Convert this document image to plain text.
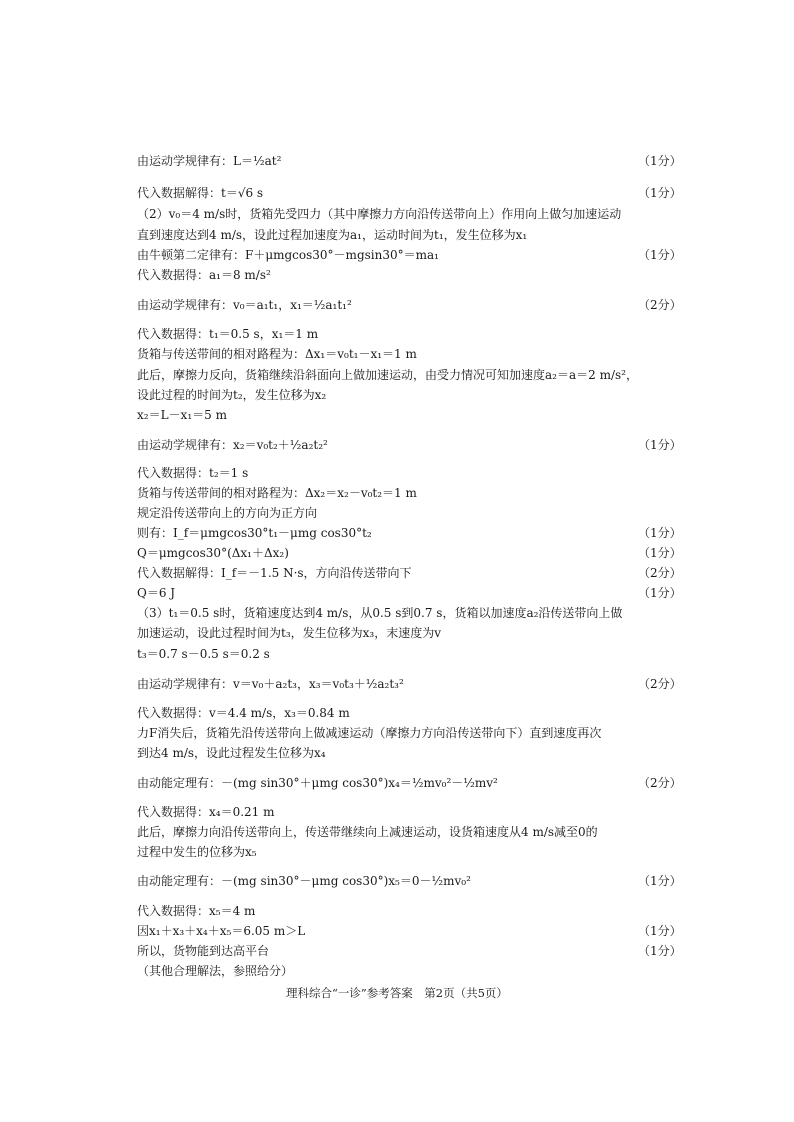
由运动学规律有：L＝½at²	（1分）
代入数据解得：t＝√6 s	（1分）
（2）v₀＝4 m/s时，货箱先受四力（其中摩擦力方向沿传送带向上）作用向上做匀加速运动
直到速度达到4 m/s，设此过程加速度为a₁，运动时间为t₁，发生位移为x₁
由牛顿第二定律有：F＋μmgcos30°－mgsin30°＝ma₁	（1分）
代入数据得：a₁＝8 m/s²
由运动学规律有：v₀＝a₁t₁，x₁＝½a₁t₁²	（2分）
代入数据得：t₁＝0.5 s，x₁＝1 m
货箱与传送带间的相对路程为：Δx₁＝v₀t₁－x₁＝1 m
此后，摩擦力反向，货箱继续沿斜面向上做加速运动，由受力情况可知加速度a₂＝a＝2 m/s²，
设此过程的时间为t₂，发生位移为x₂
x₂＝L－x₁＝5 m
由运动学规律有：x₂＝v₀t₂＋½a₂t₂²	（1分）
代入数据得：t₂＝1 s
货箱与传送带间的相对路程为：Δx₂＝x₂－v₀t₂＝1 m
规定沿传送带向上的方向为正方向
则有：I_f＝μmgcos30°t₁－μmg cos30°t₂	（1分）
Q＝μmgcos30°(Δx₁＋Δx₂)	（1分）
代入数据解得：I_f＝－1.5 N·s，方向沿传送带向下	（2分）
Q＝6 J	（1分）
（3）t₁＝0.5 s时，货箱速度达到4 m/s，从0.5 s到0.7 s，货箱以加速度a₂沿传送带向上做
加速运动，设此过程时间为t₃，发生位移为x₃，末速度为v
t₃＝0.7 s－0.5 s＝0.2 s
由运动学规律有：v＝v₀＋a₂t₃，x₃＝v₀t₃＋½a₂t₃²	（2分）
代入数据得：v＝4.4 m/s，x₃＝0.84 m
力F消失后，货箱先沿传送带向上做减速运动（摩擦力方向沿传送带向下）直到速度再次
到达4 m/s，设此过程发生位移为x₄
由动能定理有：－(mg sin30°＋μmg cos30°)x₄＝½mv₀²－½mv²	（2分）
代入数据得：x₄＝0.21 m
此后，摩擦力向沿传送带向上，传送带继续向上减速运动，设货箱速度从4 m/s减至0的
过程中发生的位移为x₅
由动能定理有：－(mg sin30°－μmg cos30°)x₅＝0－½mv₀²	（1分）
代入数据得：x₅＝4 m
因x₁＋x₃＋x₄＋x₅＝6.05 m＞L	（1分）
所以，货物能到达高平台	（1分）
（其他合理解法，参照给分）
理科综合“一诊”参考答案　第2页（共5页）
